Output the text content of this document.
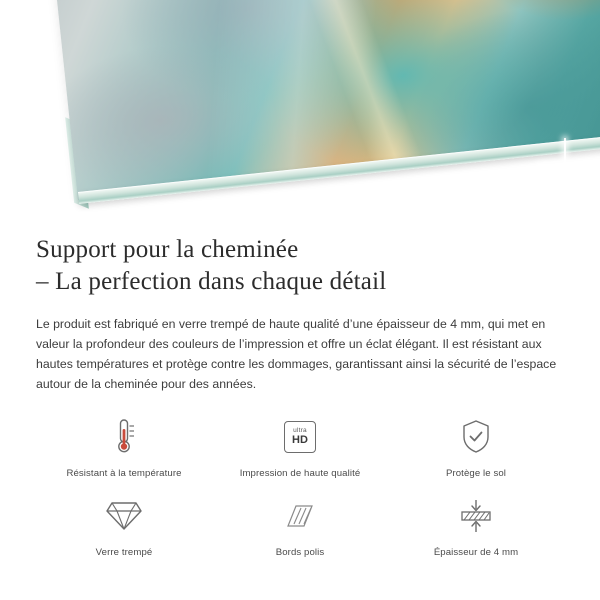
Support pour la cheminée
– La perfection dans chaque détail

Le produit est fabriqué en verre trempé de haute qualité d’une épaisseur de 4 mm, qui met en valeur la profondeur des couleurs de l’impression et offre un éclat élégant. Il est résistant aux hautes températures et protège contre les dommages, garantissant ainsi la sécurité de l’espace autour de la cheminée pour des années.

Résistant à la température
ultra
HD
Impression de haute qualité	Protège le sol
Verre trempé	Bords polis	Épaisseur de 4 mm
